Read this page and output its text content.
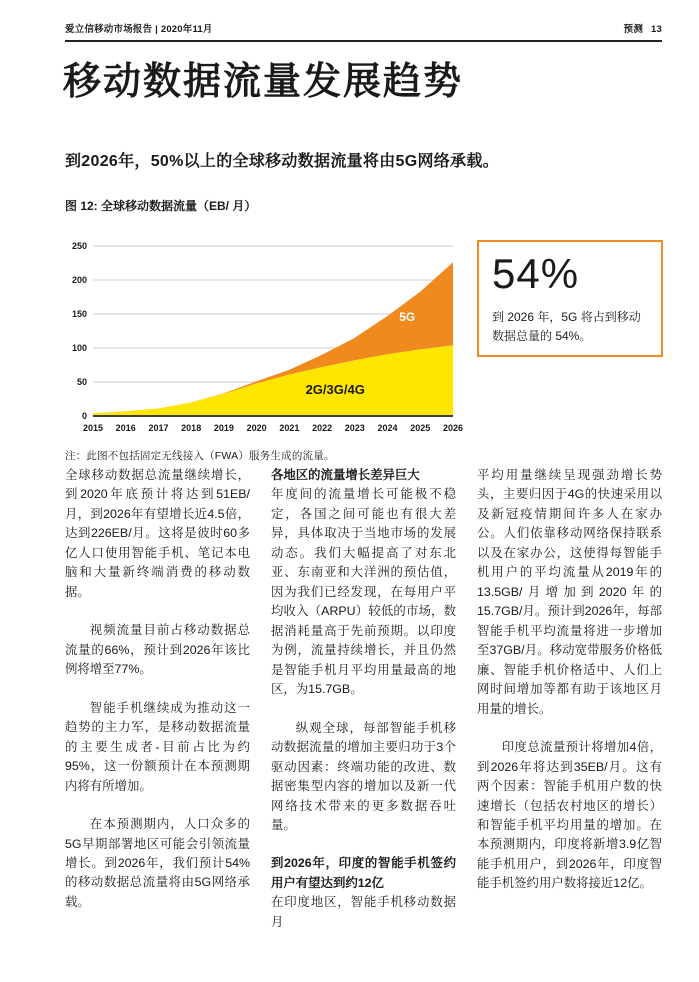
爱立信移动市场报告 | 2020年11月	预测 13
移动数据流量发展趋势
到2026年，50%以上的全球移动数据流量将由5G网络承载。
图 12: 全球移动数据流量（EB/ 月）
0
50
100
150
200
250
2015 2016 2017 2018 2019 2020 2021 2022 2023 2024 2025 2026
2G/3G/4G
5G
54%

到 2026 年，5G 将占到移动数据总量的 54%。

注：此图不包括固定无线接入（FWA）服务生成的流量。

全球移动数据总流量继续增长，到2020年底预计将达到51EB/月，到2026年有望增长近4.5倍，达到226EB/月。这将是彼时60多亿人口使用智能手机、笔记本电脑和大量新终端消费的移动数据。

视频流量目前占移动数据总流量的66%，预计到2026年该比例将增至77%。

智能手机继续成为推动这一趋势的主力军，是移动数据流量的主要生成者-目前占比为约95%，这一份额预计在本预测期内将有所增加。

在本预测期内，人口众多的5G早期部署地区可能会引领流量增长。到2026年，我们预计54%的移动数据总流量将由5G网络承载。

各地区的流量增长差异巨大

年度间的流量增长可能极不稳定，各国之间可能也有很大差异，具体取决于当地市场的发展动态。我们大幅提高了对东北亚、东南亚和大洋洲的预估值，因为我们已经发现，在每用户平均收入（ARPU）较低的市场，数据消耗量高于先前预期。以印度为例，流量持续增长，并且仍然是智能手机月平均用量最高的地区，为15.7GB。

纵观全球，每部智能手机移动数据流量的增加主要归功于3个驱动因素：终端功能的改进、数据密集型内容的增加以及新一代网络技术带来的更多数据吞吐量。

到2026年，印度的智能手机签约用户有望达到约12亿

在印度地区，智能手机移动数据月

平均用量继续呈现强劲增长势头，主要归因于4G的快速采用以及新冠疫情期间许多人在家办公。人们依靠移动网络保持联系以及在家办公，这使得每智能手机用户的平均流量从2019年的13.5GB/月增加到2020年的15.7GB/月。预计到2026年，每部智能手机平均流量将进一步增加至37GB/月。移动宽带服务价格低廉、智能手机价格适中、人们上网时间增加等都有助于该地区月用量的增长。

印度总流量预计将增加4倍，到2026年将达到35EB/月。这有两个因素：智能手机用户数的快速增长（包括农村地区的增长）和智能手机平均用量的增加。在本预测期内，印度将新增3.9亿智能手机用户，到2026年，印度智能手机签约用户数将接近12亿。
